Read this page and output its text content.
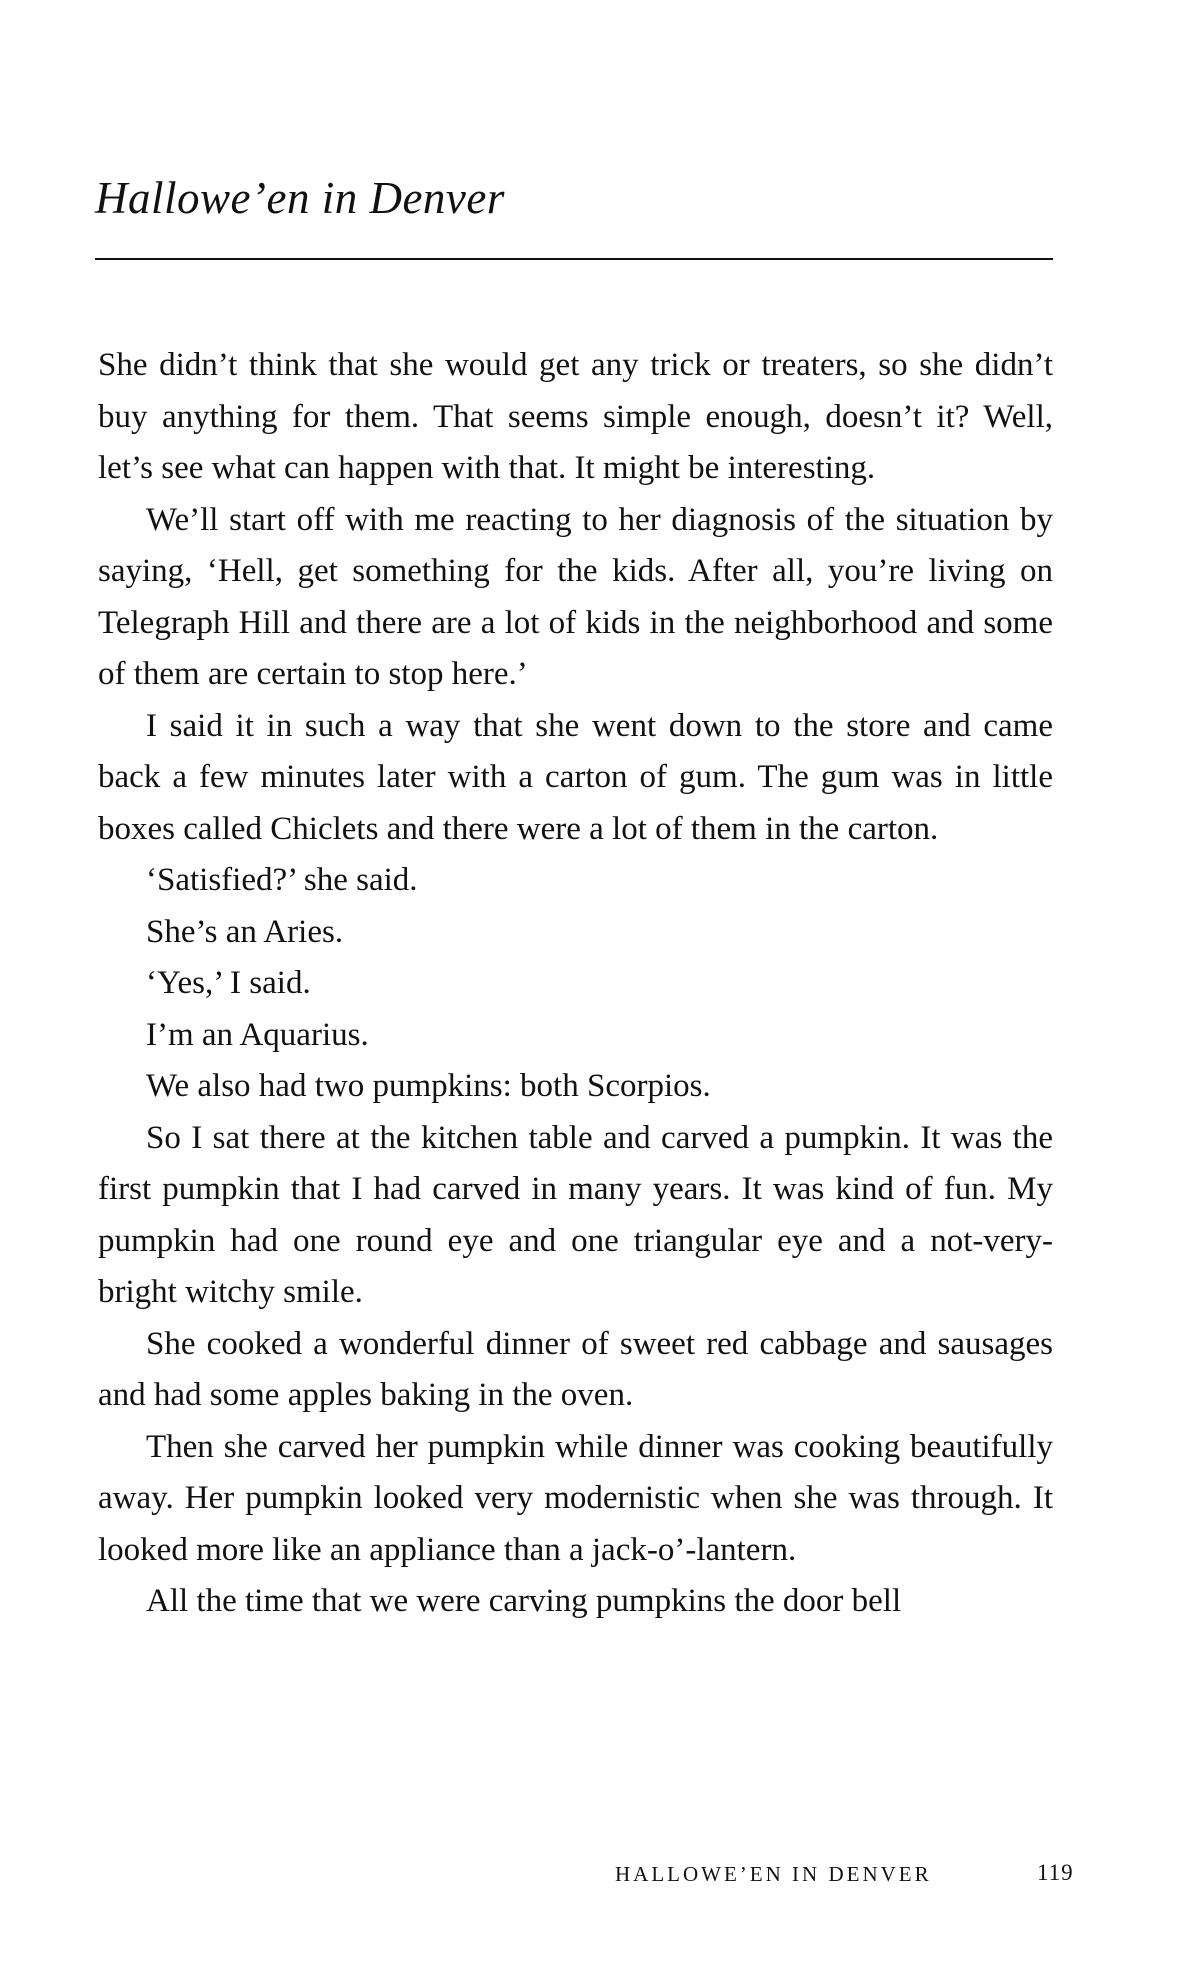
Hallowe’en in Denver

She didn’t think that she would get any trick or treaters, so she didn’t buy anything for them. That seems simple enough, doesn’t it? Well, let’s see what can happen with that. It might be interesting.

We’ll start off with me reacting to her diagnosis of the situation by saying, ‘Hell, get something for the kids. After all, you’re living on Telegraph Hill and there are a lot of kids in the neighborhood and some of them are certain to stop here.’

I said it in such a way that she went down to the store and came back a few minutes later with a carton of gum. The gum was in little boxes called Chiclets and there were a lot of them in the carton.

‘Satisfied?’ she said.

She’s an Aries.

‘Yes,’ I said.

I’m an Aquarius.

We also had two pumpkins: both Scorpios.

So I sat there at the kitchen table and carved a pumpkin. It was the first pumpkin that I had carved in many years. It was kind of fun. My pumpkin had one round eye and one triangular eye and a not-very-bright witchy smile.

She cooked a wonderful dinner of sweet red cabbage and sausages and had some apples baking in the oven.

Then she carved her pumpkin while dinner was cooking beautifully away. Her pumpkin looked very modernistic when she was through. It looked more like an appliance than a jack-o’-lantern.

All the time that we were carving pumpkins the door bell

HALLOWE’EN IN DENVER	119
